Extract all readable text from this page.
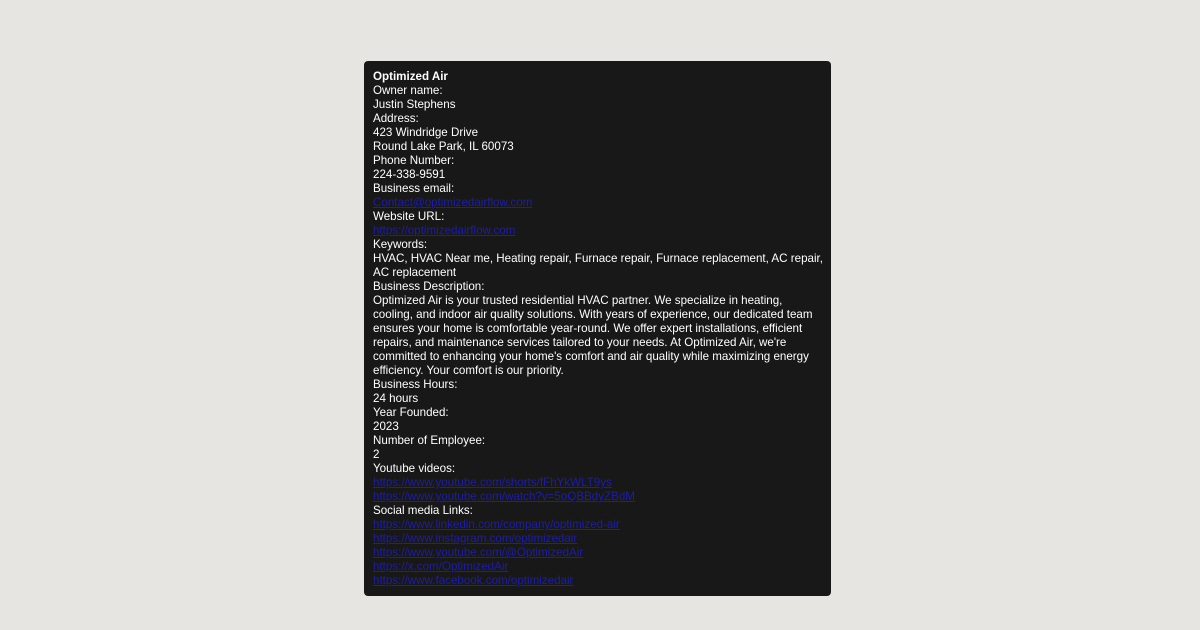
Optimized Air
Owner name:
Justin Stephens
Address:
423 Windridge Drive
Round Lake Park, IL 60073
Phone Number:
224-338-9591
Business email:
Contact@optimizedairflow.com
Website URL:
https://optimizedairflow.com
Keywords:
HVAC, HVAC Near me, Heating repair, Furnace repair, Furnace replacement, AC repair, AC replacement
Business Description:
Optimized Air is your trusted residential HVAC partner. We specialize in heating, cooling, and indoor air quality solutions. With years of experience, our dedicated team ensures your home is comfortable year-round. We offer expert installations, efficient repairs, and maintenance services tailored to your needs. At Optimized Air, we're committed to enhancing your home's comfort and air quality while maximizing energy efficiency. Your comfort is our priority.
Business Hours:
24 hours
Year Founded:
2023
Number of Employee:
2
Youtube videos:
https://www.youtube.com/shorts/fFhYkWLT9ys
https://www.youtube.com/watch?v=5oQBBdyZBdM
Social media Links:
https://www.linkedin.com/company/optimized-air
https://www.instagram.com/optimizedair
https://www.youtube.com/@OptimizedAir
https://x.com/OptimizedAir
https://www.facebook.com/optimizedair
